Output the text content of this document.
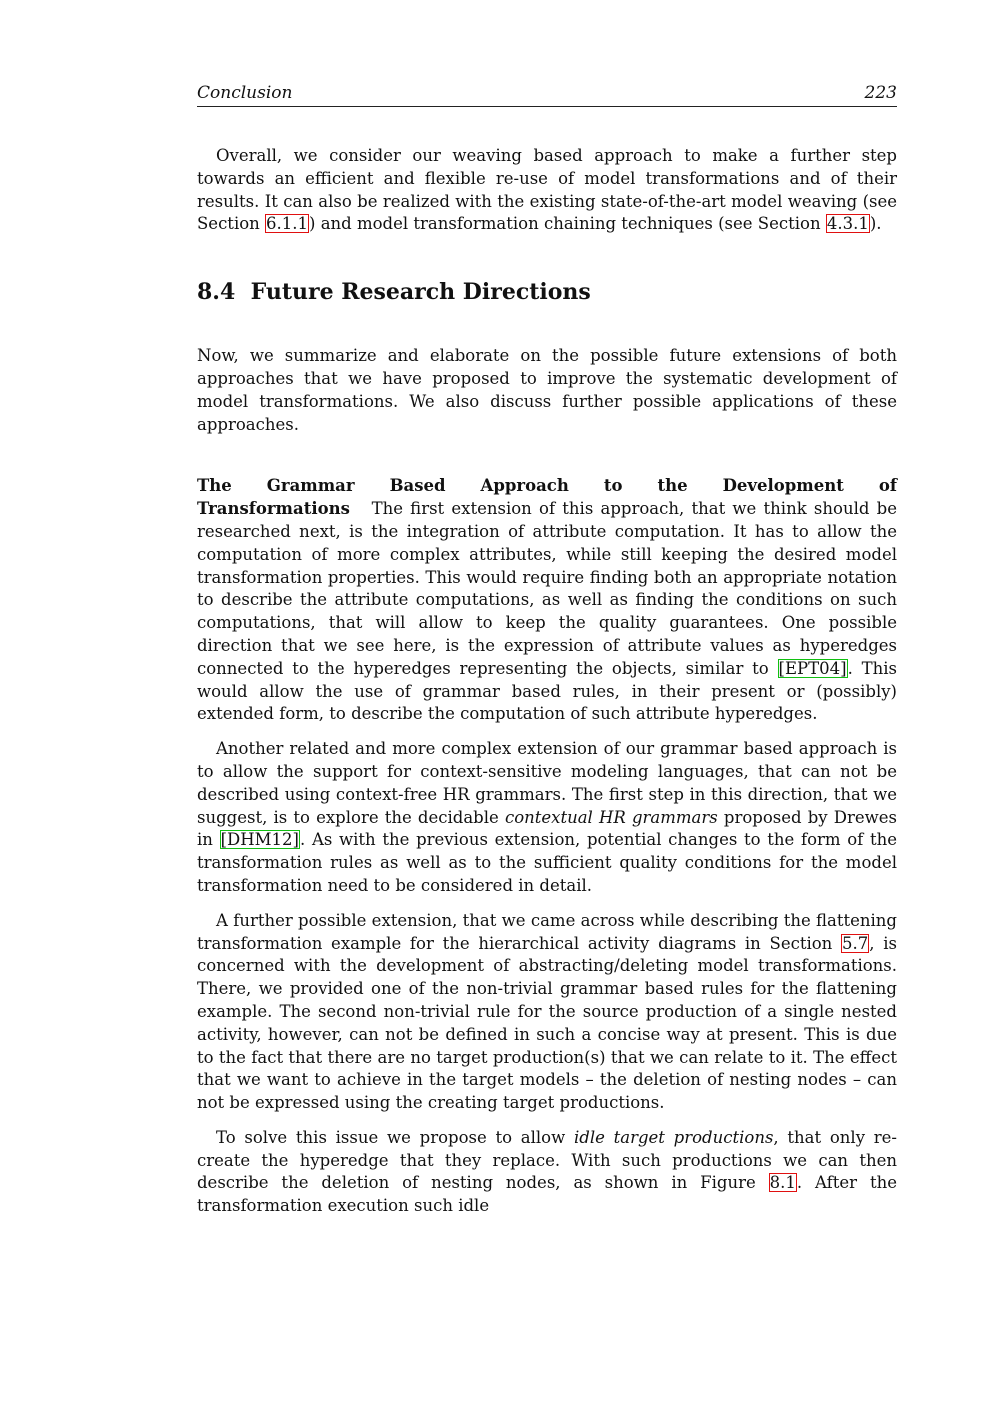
Conclusion	223

Overall, we consider our weaving based approach to make a further step towards an efficient and flexible re-use of model transformations and of their results. It can also be realized with the existing state-of-the-art model weaving (see Section 6.1.1) and model transformation chaining techniques (see Section 4.3.1).

8.4 Future Research Directions

Now, we summarize and elaborate on the possible future extensions of both approaches that we have proposed to improve the systematic development of model transformations. We also discuss further possible applications of these approaches.

The Grammar Based Approach to the Development of Transformations The first extension of this approach, that we think should be researched next, is the integration of attribute computation. It has to allow the computation of more complex attributes, while still keeping the desired model transformation properties. This would require finding both an appropriate notation to describe the attribute computations, as well as finding the conditions on such computations, that will allow to keep the quality guarantees. One possible direction that we see here, is the expression of attribute values as hyperedges connected to the hyperedges representing the objects, similar to [EPT04]. This would allow the use of grammar based rules, in their present or (possibly) extended form, to describe the computation of such attribute hyperedges.

Another related and more complex extension of our grammar based approach is to allow the support for context-sensitive modeling languages, that can not be described using context-free HR grammars. The first step in this direction, that we suggest, is to explore the decidable contextual HR grammars proposed by Drewes in [DHM12]. As with the previous extension, potential changes to the form of the transformation rules as well as to the sufficient quality conditions for the model transformation need to be considered in detail.

A further possible extension, that we came across while describing the flattening transformation example for the hierarchical activity diagrams in Section 5.7, is concerned with the development of abstracting/deleting model transformations. There, we provided one of the non-trivial grammar based rules for the flattening example. The second non-trivial rule for the source production of a single nested activity, however, can not be defined in such a concise way at present. This is due to the fact that there are no target production(s) that we can relate to it. The effect that we want to achieve in the target models – the deletion of nesting nodes – can not be expressed using the creating target productions.

To solve this issue we propose to allow idle target productions, that only re-create the hyperedge that they replace. With such productions we can then describe the deletion of nesting nodes, as shown in Figure 8.1. After the transformation execution such idle
